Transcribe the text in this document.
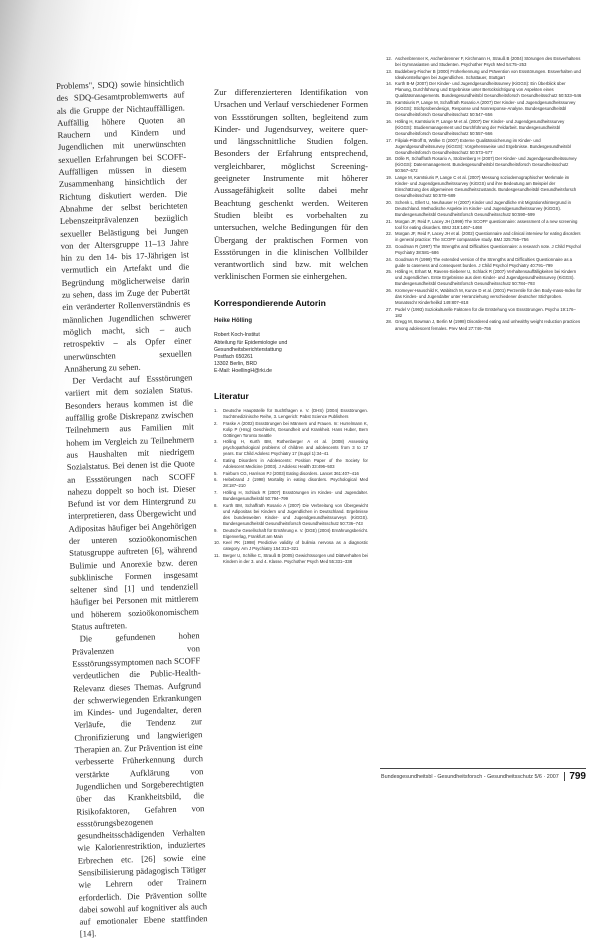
Problems", SDQ) sowie hinsichtlich des SDQ-Gesamtproblemwerts auf als die Gruppe der Nichtauffälligen. Auffällig höhere Quoten an Rauchern und Kindern und Jugendlichen mit unerwünschten sexuellen Erfahrungen bei SCOFF-Auffälligen müssen in diesem Zusammenhang hinsichtlich der Richtung diskutiert werden. Die Abnahme der selbst berichteten Lebenszeitprävalenzen bezüglich sexueller Belästigung bei Jungen von der Altersgruppe 11–13 Jahre hin zu den 14- bis 17-Jährigen ist vermutlich ein Artefakt und die Begründung möglicherweise darin zu sehen, dass im Zuge der Pubertät ein veränderter Rollenverständnis es männlichen Jugendlichen schwerer möglich macht, sich – auch retrospektiv – als Opfer einer unerwünschten sexuellen Annäherung zu sehen.

Der Verdacht auf Essstörungen variiert mit dem sozialen Status. Besonders heraus kommen ist die auffällig große Diskrepanz zwischen Teilnehmern aus Familien mit hohem im Vergleich zu Teilnehmern aus Haushalten mit niedrigem Sozialstatus. Bei denen ist die Quote an Essstörungen nach SCOFF nahezu doppelt so hoch ist. Dieser Befund ist vor dem Hintergrund zu interpretieren, dass Übergewicht und Adipositas häufiger bei Angehörigen der unteren sozioökonomischen Statusgruppe auftreten [6], während Bulimie und Anorexie bzw. deren subklinische Formen insgesamt seltener sind [1] und tendenziell häufiger bei Personen mit mittlerem und höherem sozioökonomischem Status auftreten.

Die gefundenen hohen Prävalenzen von Essstörungssymptomen nach SCOFF verdeutlichen die Public-Health-Relevanz dieses Themas. Aufgrund der schwerwiegenden Erkrankungen im Kindes- und Jugendalter, deren Verläufe, die Tendenz zur Chronifizierung und langwierigen Therapien an. Zur Prävention ist eine verbesserte Früherkennung durch verstärkte Aufklärung von Jugendlichen und Sorgeberechtigten über das Krankheitsbild, die Risikofaktoren, Gefahren von essstörungsbezogenen gesundheitsschädigenden Verhalten wie Kalorienrestriktion, induziertes Erbrechen etc. [26] sowie eine Sensibilisierung pädagogisch Tätiger wie Lehrern oder Trainern erforderlich. Die Prävention sollte dabei sowohl auf kognitiver als auch auf emotionaler Ebene stattfinden [14].

Zur differenzierteren Identifikation von Ursachen und Verlauf verschiedener Formen von Essstörungen sollten, begleitend zum Kinder- und Jugendsurvey, weitere quer- und längsschnittliche Studien folgen. Besonders der Erfahrung entsprechend, vergleichbarer, möglichst Screening-geeigneter Instrumente mit höherer Aussagefähigkeit sollte dabei mehr Beachtung geschenkt werden. Weiteren Studien bleibt es vorbehalten zu untersuchen, welche Bedingungen für den Übergang der praktischen Formen von Essstörungen in die klinischen Vollbilder verantwortlich sind bzw. mit welchen verklinischen Formen sie einhergehen.

Korrespondierende Autorin
Heike Hölling
Robert Koch-Institut
Abteilung für Epidemiologie und
Gesundheitsberichterstattung
Postfach 650261
13302 Berlin, BRD
E-Mail: HoellingH@rki.de
Literatur
1.	Deutsche Hauptstelle für Suchtfragen e. V. (DHS) (2004) Essstörungen. Suchtmedizinische Reihe, 3. Lengerich: Pabst Science Publishers
2.	Fraske A (2002) Essstörungen bei Männern und Frauen. In: Hurrelmann K, Kolip P (Hrsg) Geschlecht, Gesundheit und Krankheit. Hans Huber, Bern Göttingen Toronto Seattle
3.	Hölling H, Kurth BM, Rothenberger A et al. (2008) Assessing psychopathological problems of children and adolescents from 3 to 17 years. Eur Child Adolesc Psychiatry 17 (Suppl 1):34–41
4.	Eating Disorders in Adolescents: Position Paper of the Society for Adolescent Medicine (2003). J Adolesc Health 33:496–503
5.	Fairburn CG, Harrison PJ (2003) Eating disorders. Lancet 361:407–416
6.	Hebebrand J (1998) Mortality in eating disorders. Psychological Med 28:187–210
7.	Hölling H, Schlack R (2007) Essstörungen im Kindes- und Jugendalter. Bundesgesundheitsbl 50:794–799
8.	Kurth BM, Schaffrath Rosario A (2007) Die Verbreitung von Übergewicht und Adipositas bei Kindern und Jugendlichen in Deutschland. Ergebnisse des bundesweiten Kinder- und Jugendgesundheitssurveys (KiGGS). Bundesgesundheitsbl Gesundheitsforsch Gesundheitsschutz 50:736–743
9.	Deutsche Gesellschaft für Ernährung e. V. (DGE) (2004) Ernährungsbericht. Eigenverlag, Frankfurt am Main
10. Keel PK (1998) Predictive validity of bulimia nervosa as a diagnostic category. Am J Psychiatry 154:313–321
11. Berger U, Schilke C, Strauß B (2005) Gewichtssorgen und Diätverhalten bei Kindern in der 3. und 4. Klasse. Psychother Psych Med 55:331–338
12. Aschenbrenner K, Aschenbrenner F, Kirchmann H, Strauß B (2004) Störungen des Essverhaltens bei Gymnasiasten und Studenten. Psychother Psych Med 54:75–253
13. Buddeberg-Fischer B (2000) Früherkennung und Prävention von Essstörungen. Essverhalten und Idealvorstellungen bei Jugendlichen. Schattauer, Stuttgart
14. Kurth B-M (2007) Der Kinder- und Jugendgesundheitssurvey (KiGGS): Ein Überblick über Planung, Durchführung und Ergebnisse unter Berücksichtigung von Aspekten eines Qualitätsmanagements. Bundesgesundheitsbl Gesundheitsforsch Gesundheitsschutz 50:533–546
15. Kamtsiuris P, Lange M, Schaffrath Rosario A (2007) Der Kinder- und Jugendgesundheitssurvey (KiGGS): Stichprobendesign, Response und Nonresponse-Analyse. Bundesgesundheitsbl Gesundheitsforsch Gesundheitsschutz 50:547–556
16. Hölling H, Kamtsiuris P, Lange M et al. (2007) Der Kinder- und Jugendgesundheitssurvey (KiGGS): Studienmanagement und Durchführung der Feldarbeit. Bundesgesundheitsbl Gesundheitsforsch Gesundheitsschutz 50:557–566
17. Filipiak-Pittroff B, Wölke G (2007) Externe Qualitätssicherung im Kinder- und Jugendgesundheitssurvey (KiGGS): Vorgehensweise und Ergebnisse. Bundesgesundheitsbl Gesundheitsforsch Gesundheitsschutz 50:573–577
18. Dölle R, Schaffrath Rosario A, Stolzenberg H (2007) Der Kinder- und Jugendgesundheitssurvey (KiGGS): Datenmanagement. Bundesgesundheitsbl Gesundheitsforsch Gesundheitsschutz 50:567–572
19. Lange M, Kamtsiuris P, Lange C et al. (2007) Messung soziodemographischer Merkmale im Kinder- und Jugendgesundheitssurvey (KiGGS) und ihre Bedeutung am Beispiel der Einschätzung des allgemeinen Gesundheitszustands. Bundesgesundheitsbl Gesundheitsforsch Gesundheitsschutz 50:578–589
20. Schenk L, Ellert U, Neuhauser H (2007) Kinder und Jugendliche mit Migrationshintergrund in Deutschland. Methodische Aspekte im Kinder- und Jugendgesundheitssurvey (KiGGS). Bundesgesundheitsbl Gesundheitsforsch Gesundheitsschutz 50:590–599
21. Morgan JF, Reid F, Lacey JH (1999) The SCOFF questionnaire: assessment of a new screening tool for eating disorders. BMJ 319:1467–1468
22. Morgan JF, Reid F, Lacey JH et al. (2002) Questionnaire and clinical interview for eating disorders in general practice: The SCOFF comparative study. BMJ 325:755–756
23. Goodman R (1997) The Strengths and Difficulties Questionnaire: a research note. J Child Psychol Psychiatry 38:581–586
24. Goodman R (1999) The extended version of the Strengths and Difficulties Questionnaire as a guide to caseness and consequent burden. J Child Psychol Psychiatry 40:791–799
25. Hölling H, Erhart M, Ravens-Sieberer U, Schlack R (2007) Verhaltensauffälligkeiten bei Kindern und Jugendlichen. Erste Ergebnisse aus dem Kinder- und Jugendgesundheitssurvey (KiGGS). Bundesgesundheitsbl Gesundheitsforsch Gesundheitsschutz 50:784–793
26. Kromeyer-Hauschild K, Wabitsch M, Kunze D et al. (2001) Perzentile für den Body-mass-Index für das Kindes- und Jugendalter unter Heranziehung verschiedener deutscher Stichproben. Monatsschr Kinderheilkd 149:807–818
27. Pudel V (1993) Soziokulturelle Faktoren für die Entstehung von Essstörungen. Psycho 19:176–182
28. Gregg M, Bowman J, Berlin M (1998) Disordered eating and unhealthy weight reduction practices among adolescent females. Prev Med 27:746–756
Bundesgesundheitsbl - Gesundheitsforsch - Gesundheitsschutz 5/6 · 2007 799
